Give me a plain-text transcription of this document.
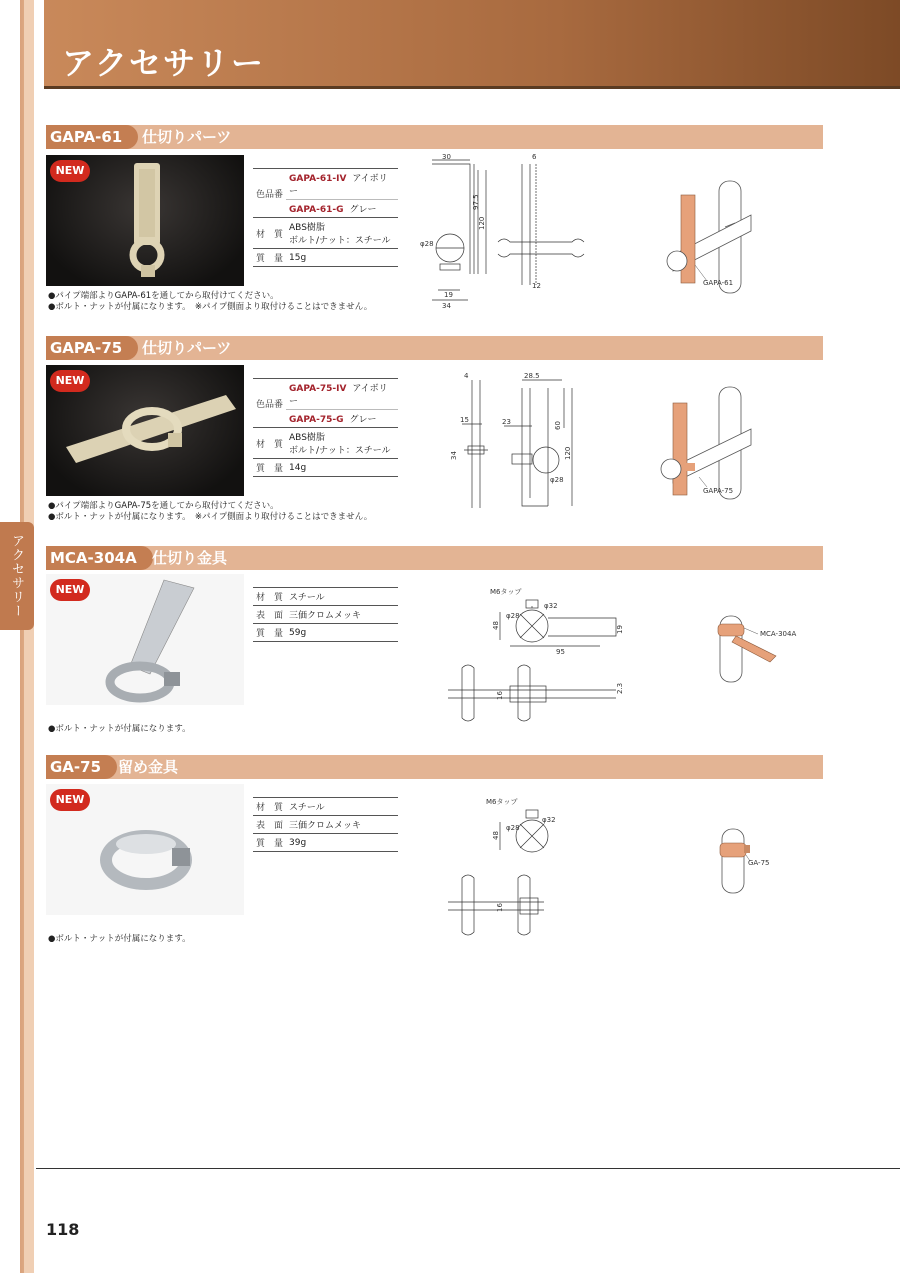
アクセサリー
アクセサリー
GAPA-61	仕切りパーツ
NEW
色品番	GAPA-61-IV アイボリー
	GAPA-61-G グレー
材　質	ABS樹脂
ボルト/ナット：スチール

質　量	15g
●パイプ端部よりGAPA-61を通してから取付けてください。
●ボルト・ナットが付属になります。　※パイプ側面より取付けることはできません。
30	6
97.5
120
φ28
19
34
12	GAPA-61
GAPA-75	仕切りパーツ
NEW
色品番	GAPA-75-IV アイボリー
	GAPA-75-G グレー
材　質	ABS樹脂
ボルト/ナット：スチール

質　量	14g
●パイプ端部よりGAPA-75を通してから取付けてください。
●ボルト・ナットが付属になります。　※パイプ側面より取付けることはできません。
4	28.5
15	23	60
120
34
φ28
GAPA-75
MCA-304A	仕切り金具
NEW
材　質	スチール
表　面	三価クロムメッキ
質　量	59g
●ボルト・ナットが付属になります。
M6タップ
48
φ28
φ32
19
95
16
2.3
MCA-304A
GA-75	留め金具
NEW
材　質	スチール
表　面	三価クロムメッキ
質　量	39g
●ボルト・ナットが付属になります。
M6タップ
48
φ28
φ32
16
GA-75
118
